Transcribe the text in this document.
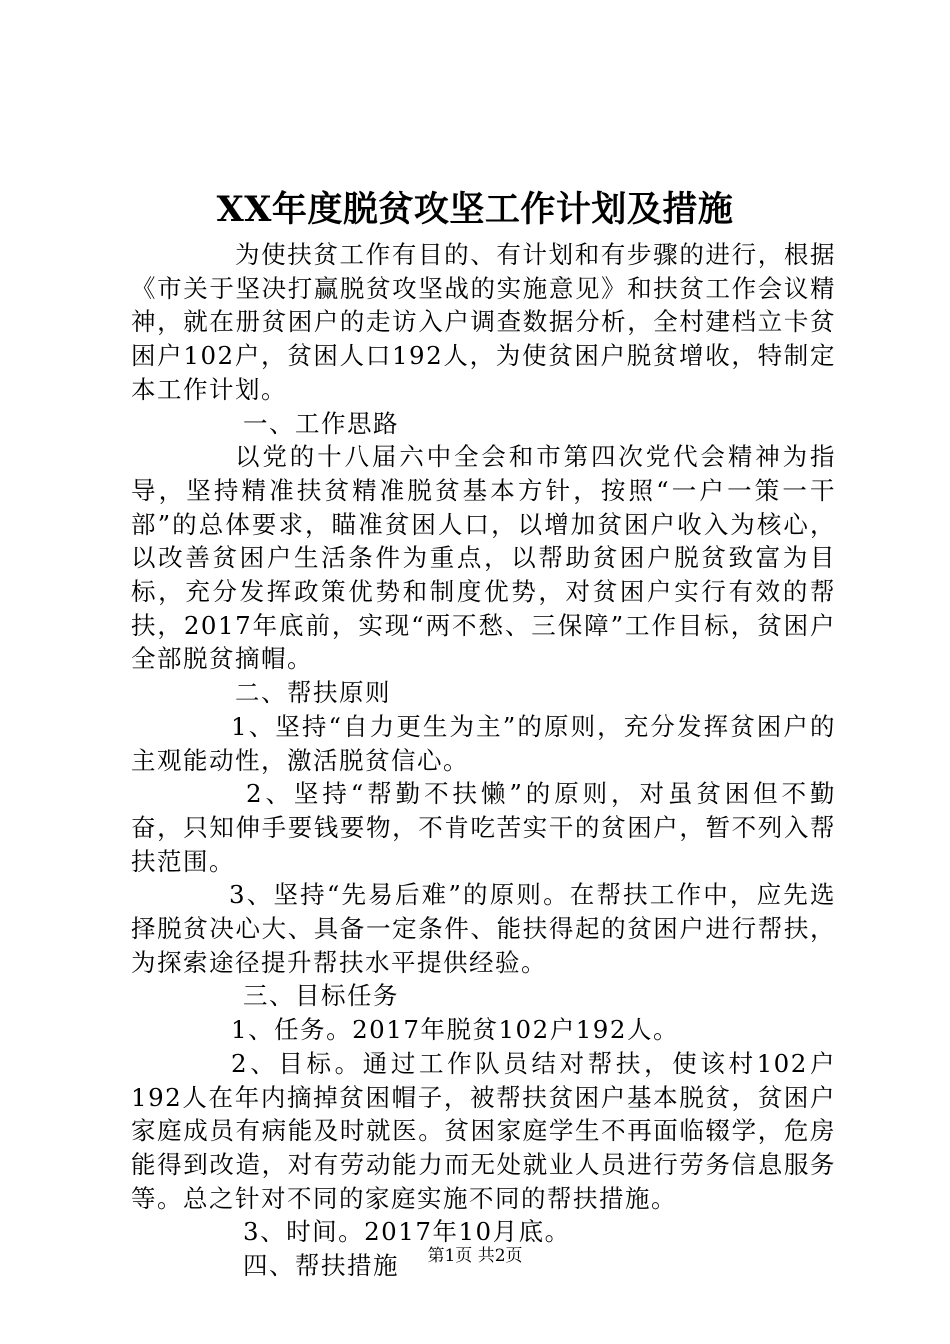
XX年度脱贫攻坚工作计划及措施

为使扶贫工作有目的、有计划和有步骤的进行，根据《市关于坚决打赢脱贫攻坚战的实施意见》和扶贫工作会议精神，就在册贫困户的走访入户调查数据分析，全村建档立卡贫困户102户，贫困人口192人，为使贫困户脱贫增收，特制定本工作计划。

一、工作思路

以党的十八届六中全会和市第四次党代会精神为指导，坚持精准扶贫精准脱贫基本方针，按照“一户一策一干部”的总体要求，瞄准贫困人口，以增加贫困户收入为核心，以改善贫困户生活条件为重点，以帮助贫困户脱贫致富为目标，充分发挥政策优势和制度优势，对贫困户实行有效的帮扶，2017年底前，实现“两不愁、三保障”工作目标，贫困户全部脱贫摘帽。

二、帮扶原则

1、坚持“自力更生为主”的原则，充分发挥贫困户的主观能动性，激活脱贫信心。

2、坚持“帮勤不扶懒”的原则，对虽贫困但不勤奋，只知伸手要钱要物，不肯吃苦实干的贫困户，暂不列入帮扶范围。

3、坚持“先易后难”的原则。在帮扶工作中，应先选择脱贫决心大、具备一定条件、能扶得起的贫困户进行帮扶，为探索途径提升帮扶水平提供经验。

三、目标任务

1、任务。2017年脱贫102户192人。

2、目标。通过工作队员结对帮扶，使该村102户192人在年内摘掉贫困帽子，被帮扶贫困户基本脱贫，贫困户家庭成员有病能及时就医。贫困家庭学生不再面临辍学，危房能得到改造，对有劳动能力而无处就业人员进行劳务信息服务等。总之针对不同的家庭实施不同的帮扶措施。

3、时间。2017年10月底。

四、帮扶措施	第1页 共2页
